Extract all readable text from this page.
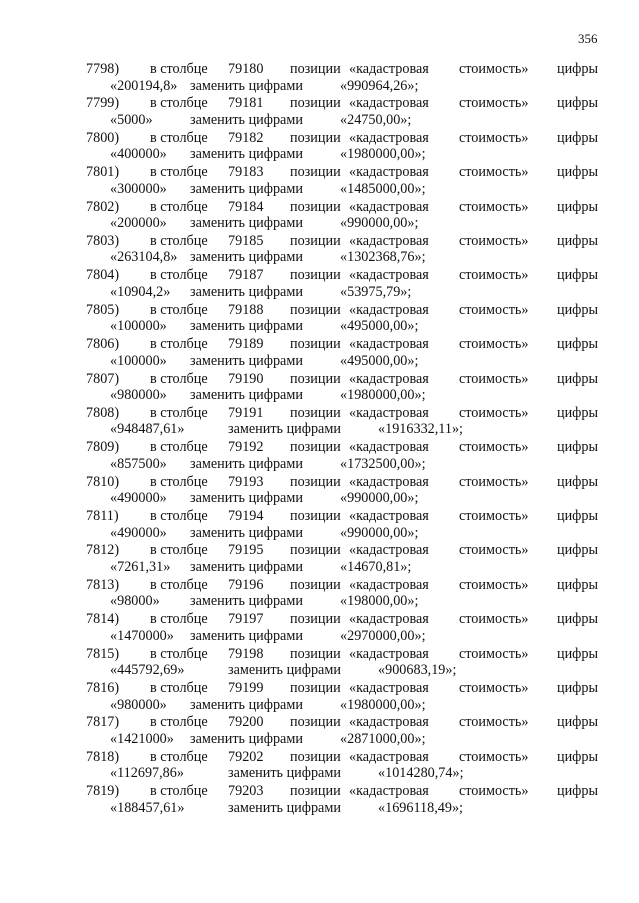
356
7798) в столбце 79180 позиции «кадастровая стоимость» цифры
«200194,8» заменить цифрами	«990964,26»;
7799) в столбце 79181 позиции «кадастровая стоимость» цифры
«5000»	заменить цифрами	«24750,00»;
7800) в столбце 79182 позиции «кадастровая стоимость» цифры
«400000» заменить цифрами	«1980000,00»;
7801) в столбце 79183 позиции «кадастровая стоимость» цифры
«300000» заменить цифрами	«1485000,00»;
7802) в столбце 79184 позиции «кадастровая стоимость» цифры
«200000» заменить цифрами	«990000,00»;
7803) в столбце 79185 позиции «кадастровая стоимость» цифры
«263104,8» заменить цифрами	«1302368,76»;
7804) в столбце 79187 позиции «кадастровая стоимость» цифры
«10904,2» заменить цифрами	«53975,79»;
7805) в столбце 79188 позиции «кадастровая стоимость» цифры
«100000» заменить цифрами	«495000,00»;
7806) в столбце 79189 позиции «кадастровая стоимость» цифры
«100000» заменить цифрами	«495000,00»;
7807) в столбце 79190 позиции «кадастровая стоимость» цифры
«980000» заменить цифрами	«1980000,00»;
7808) в столбце 79191 позиции «кадастровая стоимость» цифры
«948487,61»	заменить цифрами	«1916332,11»;
7809) в столбце 79192 позиции «кадастровая стоимость» цифры
«857500» заменить цифрами	«1732500,00»;
7810) в столбце 79193 позиции «кадастровая стоимость» цифры
«490000» заменить цифрами	«990000,00»;
7811) в столбце 79194 позиции «кадастровая стоимость» цифры
«490000» заменить цифрами	«990000,00»;
7812) в столбце 79195 позиции «кадастровая стоимость» цифры
«7261,31» заменить цифрами	«14670,81»;
7813) в столбце 79196 позиции «кадастровая стоимость» цифры
«98000» заменить цифрами	«198000,00»;
7814) в столбце 79197 позиции «кадастровая стоимость» цифры
«1470000» заменить цифрами	«2970000,00»;
7815) в столбце 79198 позиции «кадастровая стоимость» цифры
«445792,69»	заменить цифрами	«900683,19»;
7816) в столбце 79199 позиции «кадастровая стоимость» цифры
«980000» заменить цифрами	«1980000,00»;
7817) в столбце 79200 позиции «кадастровая стоимость» цифры
«1421000» заменить цифрами	«2871000,00»;
7818) в столбце 79202 позиции «кадастровая стоимость» цифры
«112697,86»	заменить цифрами	«1014280,74»;
7819) в столбце 79203 позиции «кадастровая стоимость» цифры
«188457,61»	заменить цифрами	«1696118,49»;
